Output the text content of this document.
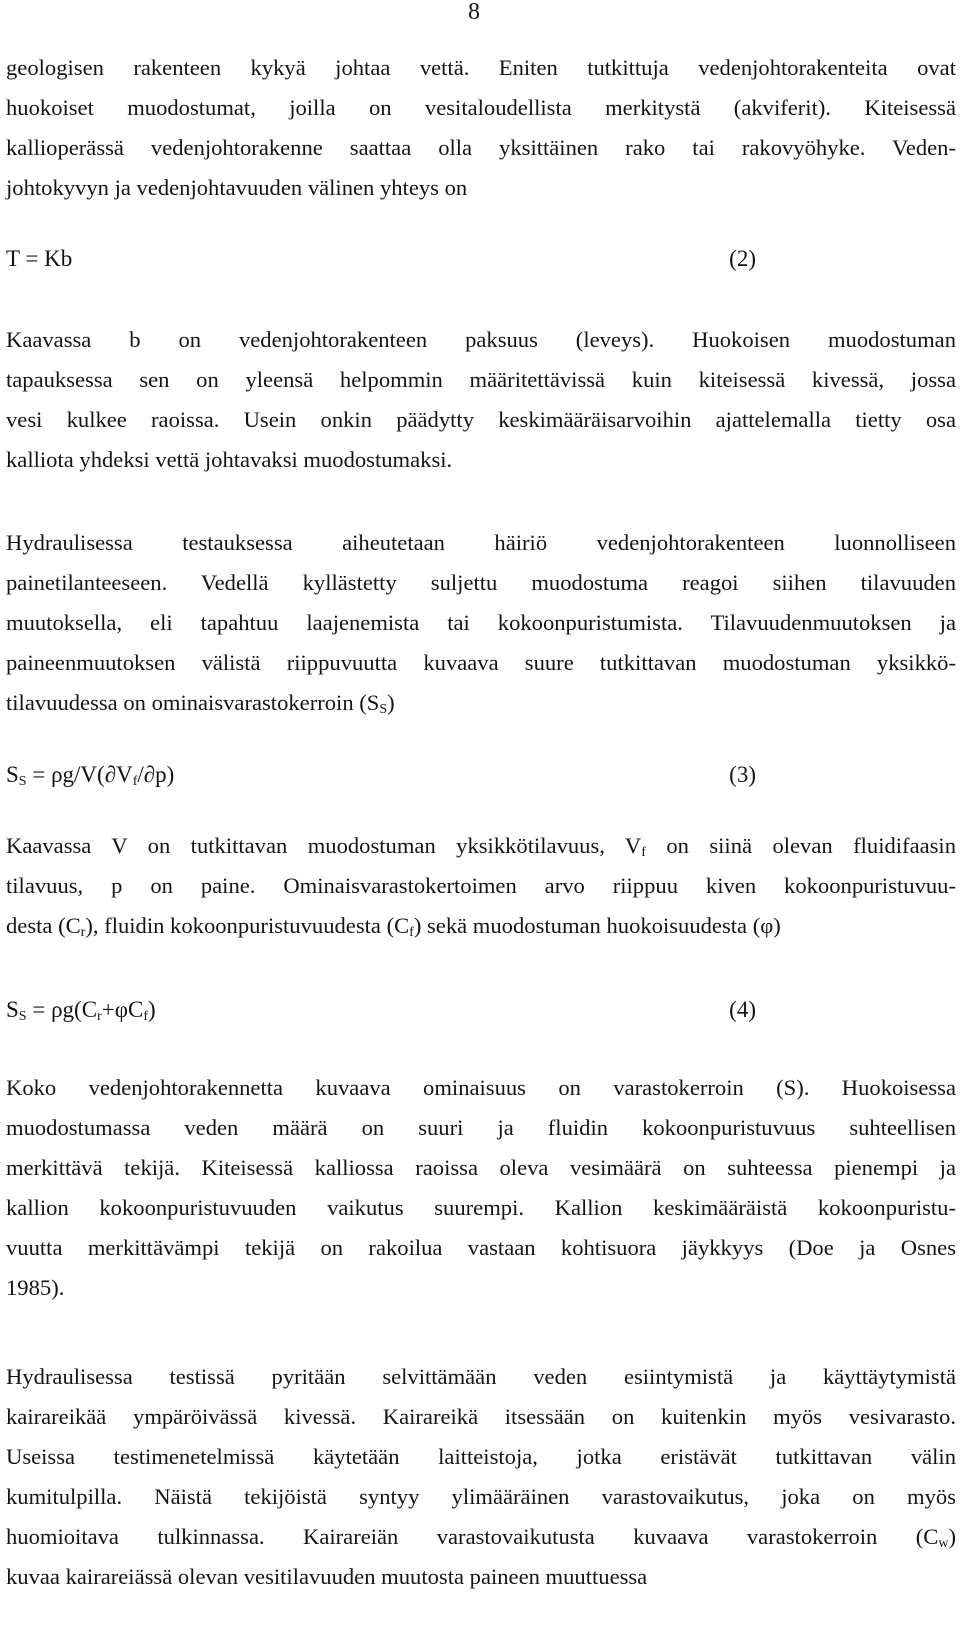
8
geologisen rakenteen kykyä johtaa vettä. Eniten tutkittuja vedenjohtorakenteita ovat
huokoiset muodostumat, joilla on vesitaloudellista merkitystä (akviferit). Kiteisessä
kallioperässä vedenjohtorakenne saattaa olla yksittäinen rako tai rakovyöhyke. Veden-
johtokyvyn ja vedenjohtavuuden välinen yhteys on
T = Kb	(2)
Kaavassa b on vedenjohtorakenteen paksuus (leveys). Huokoisen muodostuman
tapauksessa sen on yleensä helpommin määritettävissä kuin kiteisessä kivessä, jossa
vesi kulkee raoissa. Usein onkin päädytty keskimääräisarvoihin ajattelemalla tietty osa
kalliota yhdeksi vettä johtavaksi muodostumaksi.
Hydraulisessa testauksessa aiheutetaan häiriö vedenjohtorakenteen luonnolliseen
painetilanteeseen. Vedellä kyllästetty suljettu muodostuma reagoi siihen tilavuuden
muutoksella, eli tapahtuu laajenemista tai kokoonpuristumista. Tilavuudenmuutoksen ja
paineenmuutoksen välistä riippuvuutta kuvaava suure tutkittavan muodostuman yksikkö-
tilavuudessa on ominaisvarastokerroin $(S_S)$
$S_S = \rho g/V(\partial V_f/\partial p)$	(3)
Kaavassa V on tutkittavan muodostuman yksikkötilavuus, $V_f$ on siinä olevan fluidifaasin
tilavuus, p on paine. Ominaisvarastokertoimen arvo riippuu kiven kokoonpuristuvuu-
desta $(C_r)$, fluidin kokoonpuristuvuudesta $(C_f)$ sekä muodostuman huokoisuudesta (φ)
$S_S = \rho g(C_r+\varphi C_f)$	(4)
Koko vedenjohtorakennetta kuvaava ominaisuus on varastokerroin (S). Huokoisessa
muodostumassa veden määrä on suuri ja fluidin kokoonpuristuvuus suhteellisen
merkittävä tekijä. Kiteisessä kalliossa raoissa oleva vesimäärä on suhteessa pienempi ja
kallion kokoonpuristuvuuden vaikutus suurempi. Kallion keskimääräistä kokoonpuristu-
vuutta merkittävämpi tekijä on rakoilua vastaan kohtisuora jäykkyys (Doe ja Osnes
1985).
Hydraulisessa testissä pyritään selvittämään veden esiintymistä ja käyttäytymistä
kairareikää ympäröivässä kivessä. Kairareikä itsessään on kuitenkin myös vesivarasto.
Useissa testimenetelmissä käytetään laitteistoja, jotka eristävät tutkittavan välin
kumitulpilla. Näistä tekijöistä syntyy ylimääräinen varastovaikutus, joka on myös
huomioitava tulkinnassa. Kairareiän varastovaikutusta kuvaava varastokerroin $(C_w)$
kuvaa kairareiässä olevan vesitilavuuden muutosta paineen muuttuessa
